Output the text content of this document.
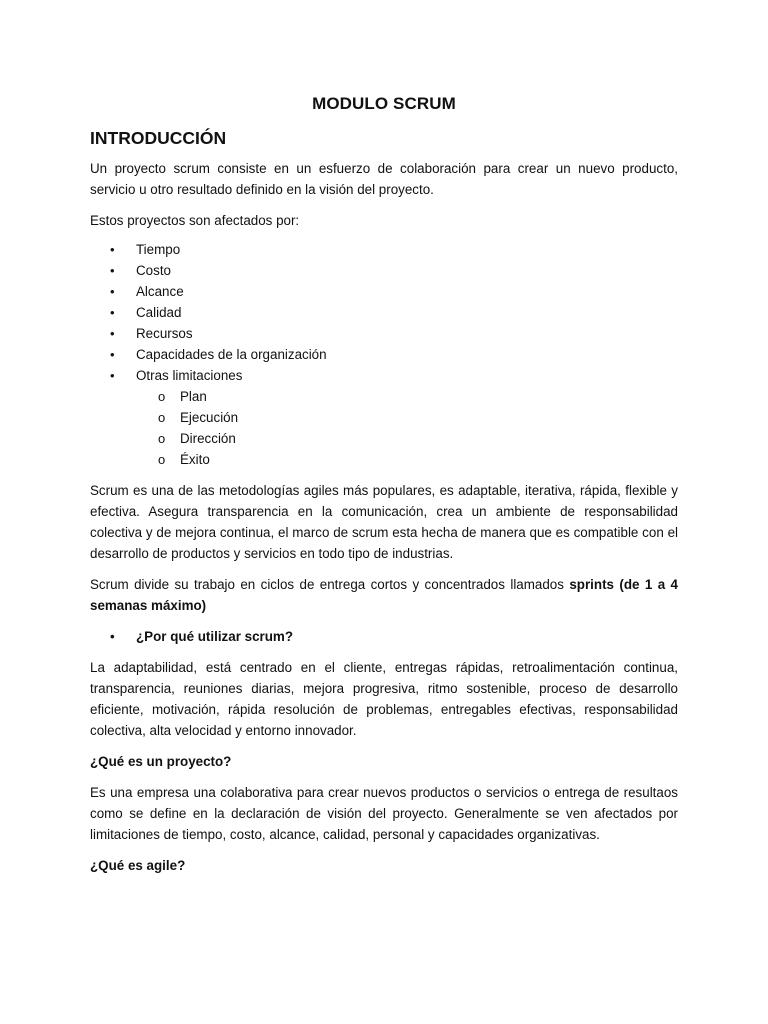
MODULO SCRUM
INTRODUCCIÓN

Un proyecto scrum consiste en un esfuerzo de colaboración para crear un nuevo producto, servicio u otro resultado definido en la visión del proyecto.

Estos proyectos son afectados por:

• Tiempo
• Costo
• Alcance
• Calidad
• Recursos
• Capacidades de la organización
• Otras limitaciones
o Plan
o Ejecución
o Dirección
o Éxito

Scrum es una de las metodologías agiles más populares, es adaptable, iterativa, rápida, flexible y efectiva. Asegura transparencia en la comunicación, crea un ambiente de responsabilidad colectiva y de mejora continua, el marco de scrum esta hecha de manera que es compatible con el desarrollo de productos y servicios en todo tipo de industrias.

Scrum divide su trabajo en ciclos de entrega cortos y concentrados llamados sprints (de 1 a 4 semanas máximo)

• ¿Por qué utilizar scrum?

La adaptabilidad, está centrado en el cliente, entregas rápidas, retroalimentación continua, transparencia, reuniones diarias, mejora progresiva, ritmo sostenible, proceso de desarrollo eficiente, motivación, rápida resolución de problemas, entregables efectivas, responsabilidad colectiva, alta velocidad y entorno innovador.

¿Qué es un proyecto?

Es una empresa una colaborativa para crear nuevos productos o servicios o entrega de resultaos como se define en la declaración de visión del proyecto. Generalmente se ven afectados por limitaciones de tiempo, costo, alcance, calidad, personal y capacidades organizativas.

¿Qué es agile?
